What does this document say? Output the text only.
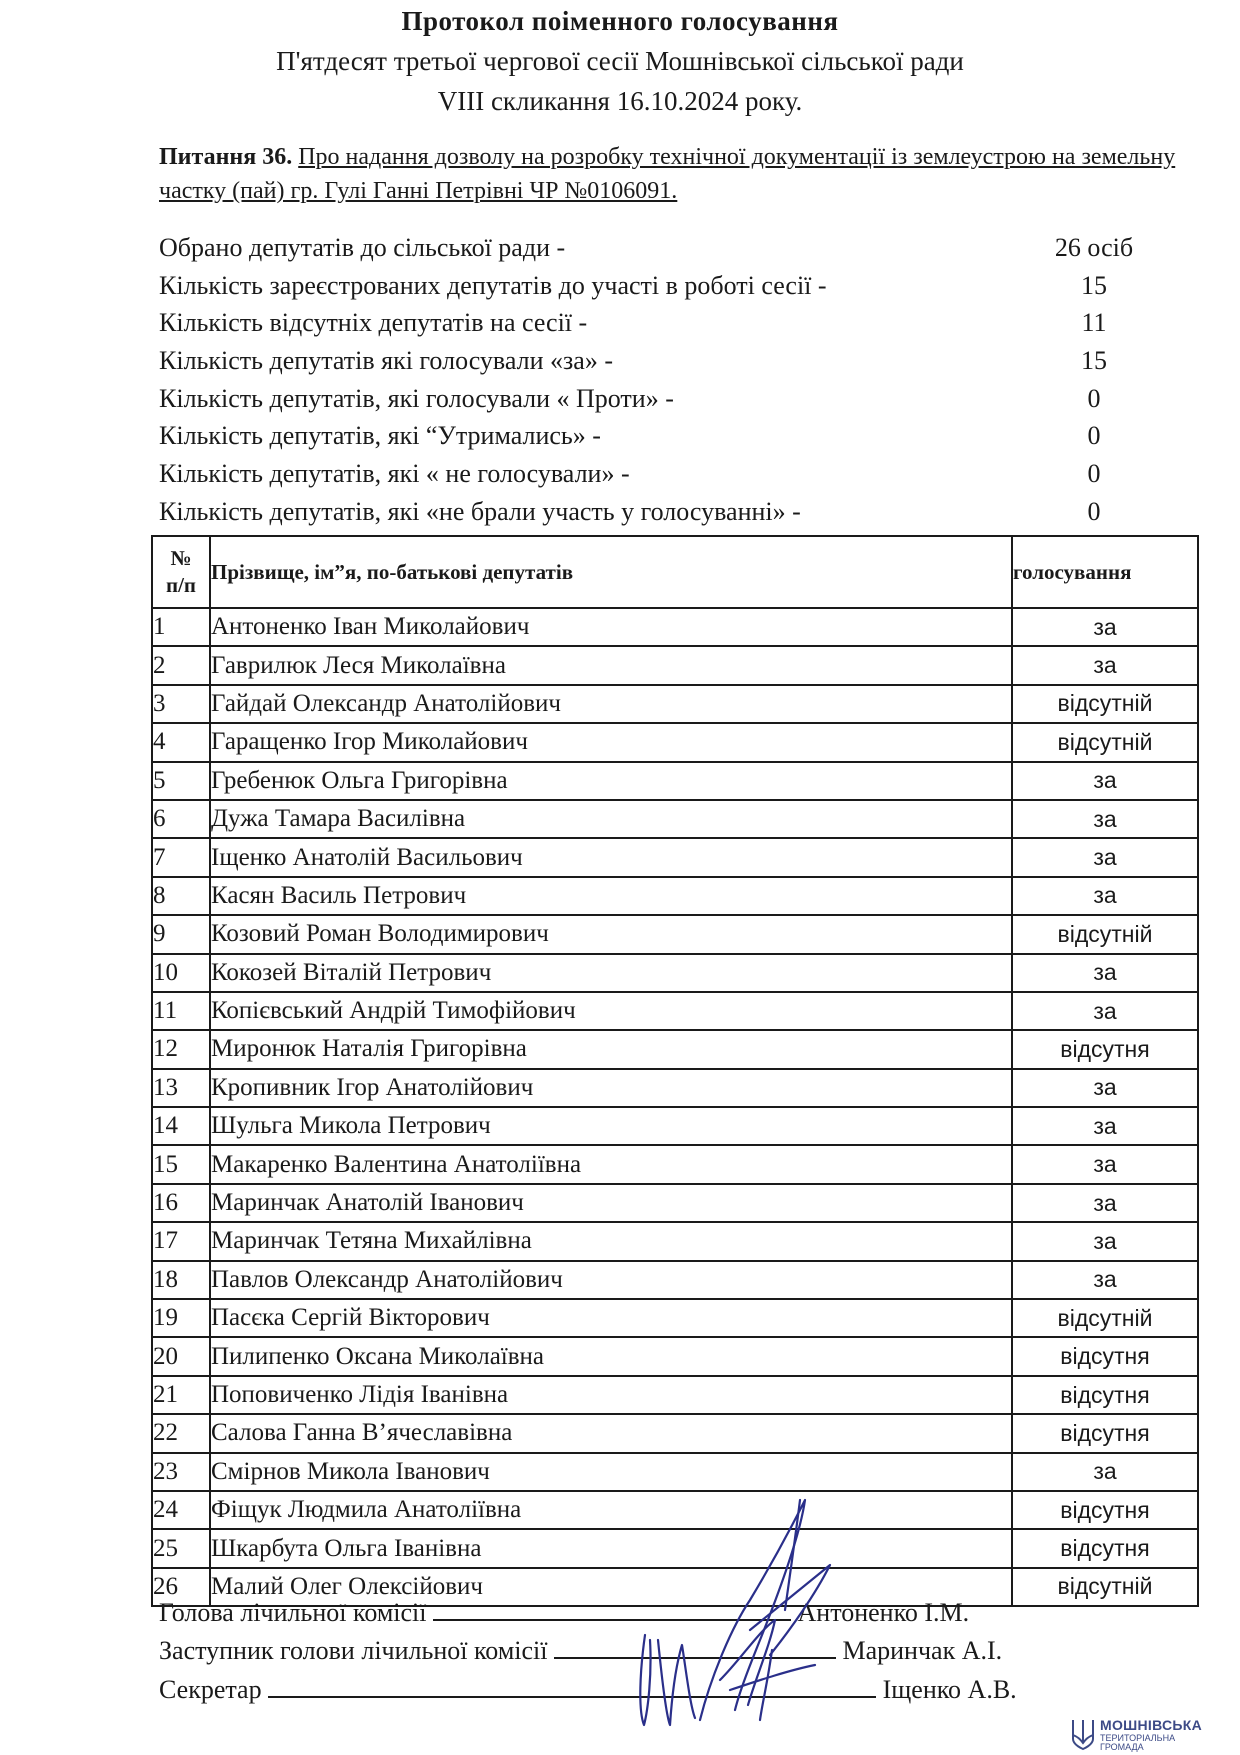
Протокол поіменного голосування
П'ятдесят третьої чергової сесії Мошнівської сільської ради
VIII скликання 16.10.2024 року.
Питання 36. Про надання дозволу на розробку технічної документації із землеустрою на земельну частку (пай) гр. Гулі Ганні Петрівні ЧР №0106091.
Обрано депутатів до сільської ради -	26 осіб
Кількість зареєстрованих депутатів до участі в роботі сесії -	15
Кількість відсутніх депутатів на сесії -	11
Кількість депутатів які голосували «за» -	15
Кількість депутатів, які голосували « Проти» -	0
Кількість депутатів, які “Утримались» -	0
Кількість депутатів, які « не голосували» -	0
Кількість депутатів, які «не брали участь у голосуванні» -	0
№
п/п	Прізвище, ім”я, по-батькові депутатів	голосування
1	Антоненко Іван Миколайович	за
2	Гаврилюк Леся Миколаївна	за
3	Гайдай Олександр Анатолійович	відсутній
4	Гаращенко Ігор Миколайович	відсутній
5	Гребенюк Ольга Григорівна	за
6	Дужа Тамара Василівна	за
7	Іщенко Анатолій Васильович	за
8	Касян Василь Петрович	за
9	Козовий Роман Володимирович	відсутній
10	Кокозей Віталій Петрович	за
11	Копієвський Андрій Тимофійович	за
12	Миронюк Наталія Григорівна	відсутня
13	Кропивник Ігор Анатолійович	за
14	Шульга Микола Петрович	за
15	Макаренко Валентина Анатоліївна	за
16	Маринчак Анатолій Іванович	за
17	Маринчак Тетяна Михайлівна	за
18	Павлов Олександр Анатолійович	за
19	Пасєка Сергій Вікторович	відсутній
20	Пилипенко Оксана Миколаївна	відсутня
21	Поповиченко Лідія Іванівна	відсутня
22	Салова Ганна В’ячеславівна	відсутня
23	Смірнов Микола Іванович	за
24	Фіщук Людмила Анатоліївна	відсутня
25	Шкарбута Ольга Іванівна	відсутня
26	Малий Олег Олексійович	відсутній
Голова лічильної комісії	Антоненко І.М.
Заступник голови лічильної комісії	Маринчак А.І.
Секретар	Іщенко А.В.
МОШНІВСЬКА
ТЕРИТОРІАЛЬНА
ГРОМАДА
